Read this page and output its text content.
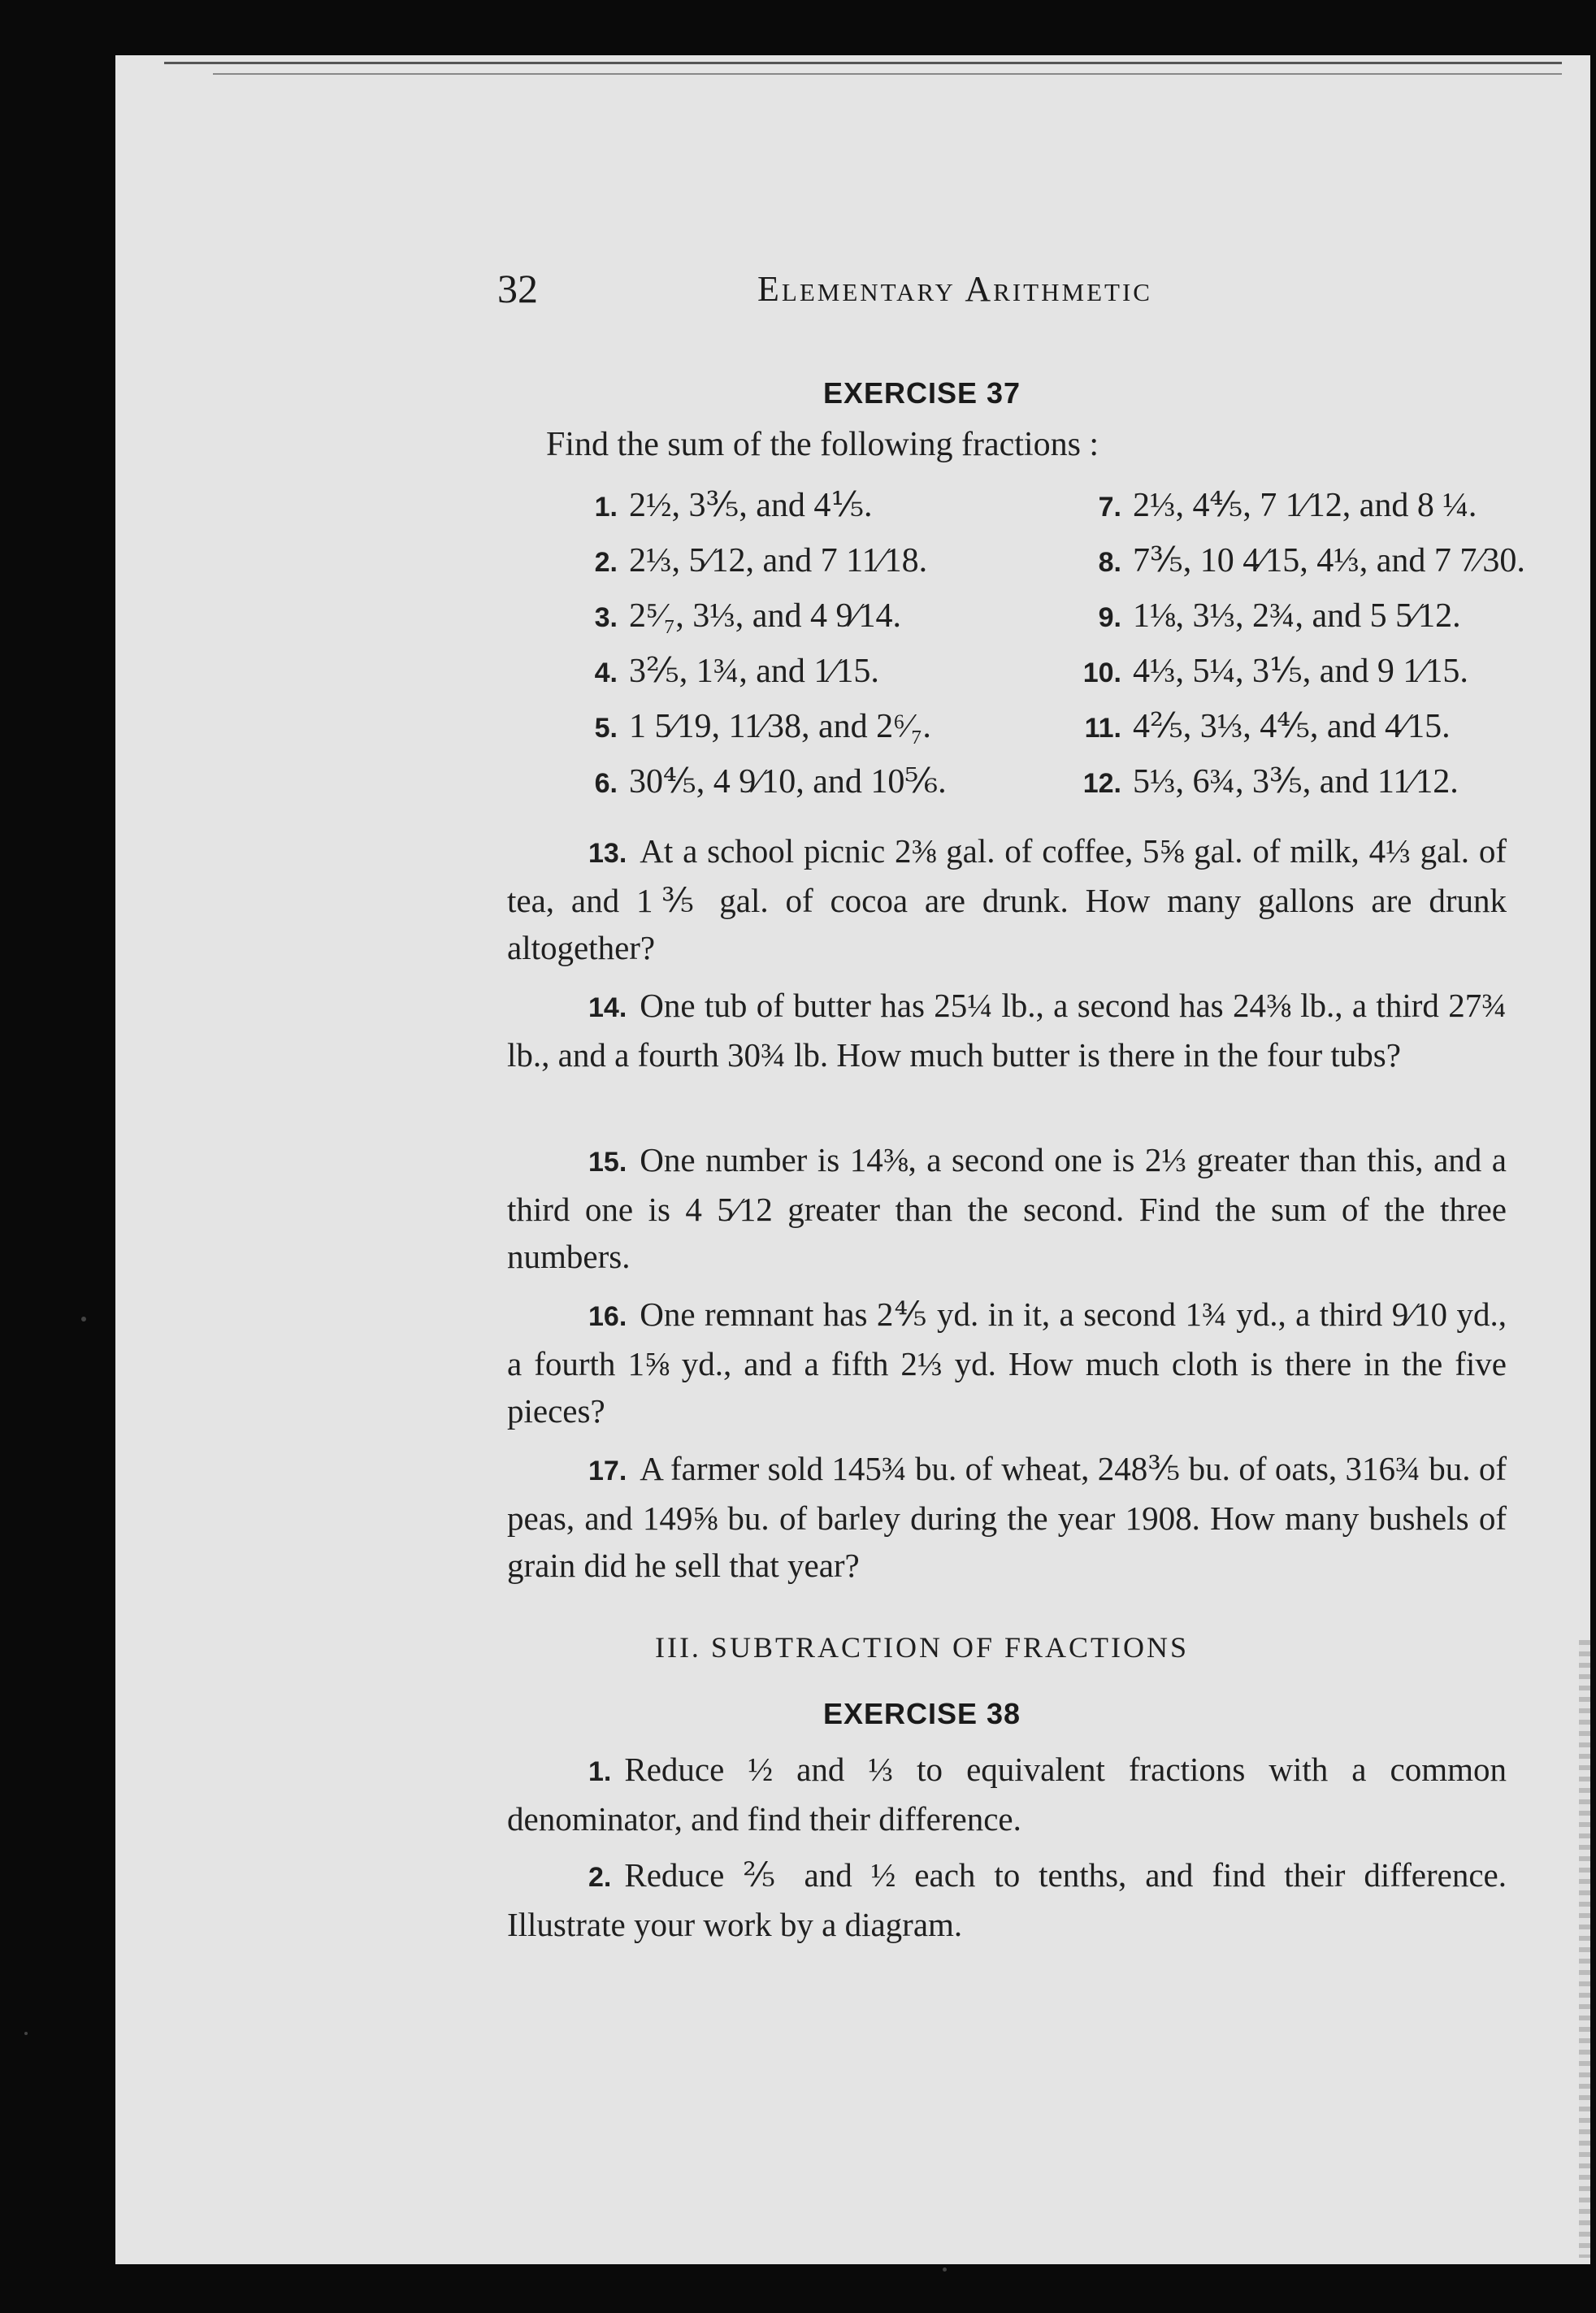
32	Elementary Arithmetic
EXERCISE 37
Find the sum of the following fractions :
1. 2½, 3⅗, and 4⅕.
2. 2⅓, 5⁄12, and 7 11⁄18.
3. 2⁵⁄₇, 3⅓, and 4 9⁄14.
4. 3⅖, 1¾, and 1⁄15.
5. 1 5⁄19, 11⁄38, and 2⁶⁄₇.
6. 30⅘, 4 9⁄10, and 10⅚.
7. 2⅓, 4⅘, 7 1⁄12, and 8 ¼.
8. 7⅗, 10 4⁄15, 4⅓, and 7 7⁄30.
9. 1⅛, 3⅓, 2¾, and 5 5⁄12.
10. 4⅓, 5¼, 3⅕, and 9 1⁄15.
11. 4⅖, 3⅓, 4⅘, and 4⁄15.
12. 5⅓, 6¾, 3⅗, and 11⁄12.
13. At a school picnic 2⅜ gal. of coffee, 5⅝ gal. of milk, 4⅓ gal. of tea, and 1⅗ gal. of cocoa are drunk. How many gallons are drunk altogether?
14. One tub of butter has 25¼ lb., a second has 24⅜ lb., a third 27¾ lb., and a fourth 30¾ lb. How much butter is there in the four tubs?
15. One number is 14⅜, a second one is 2⅓ greater than this, and a third one is 4 5⁄12 greater than the second. Find the sum of the three numbers.
16. One remnant has 2⅘ yd. in it, a second 1¾ yd., a third 9⁄10 yd., a fourth 1⅝ yd., and a fifth 2⅓ yd. How much cloth is there in the five pieces?
17. A farmer sold 145¾ bu. of wheat, 248⅗ bu. of oats, 316¾ bu. of peas, and 149⅝ bu. of barley during the year 1908. How many bushels of grain did he sell that year?
III. SUBTRACTION OF FRACTIONS
EXERCISE 38
1. Reduce ½ and ⅓ to equivalent fractions with a common denominator, and find their difference.
2. Reduce ⅖ and ½ each to tenths, and find their difference. Illustrate your work by a diagram.
